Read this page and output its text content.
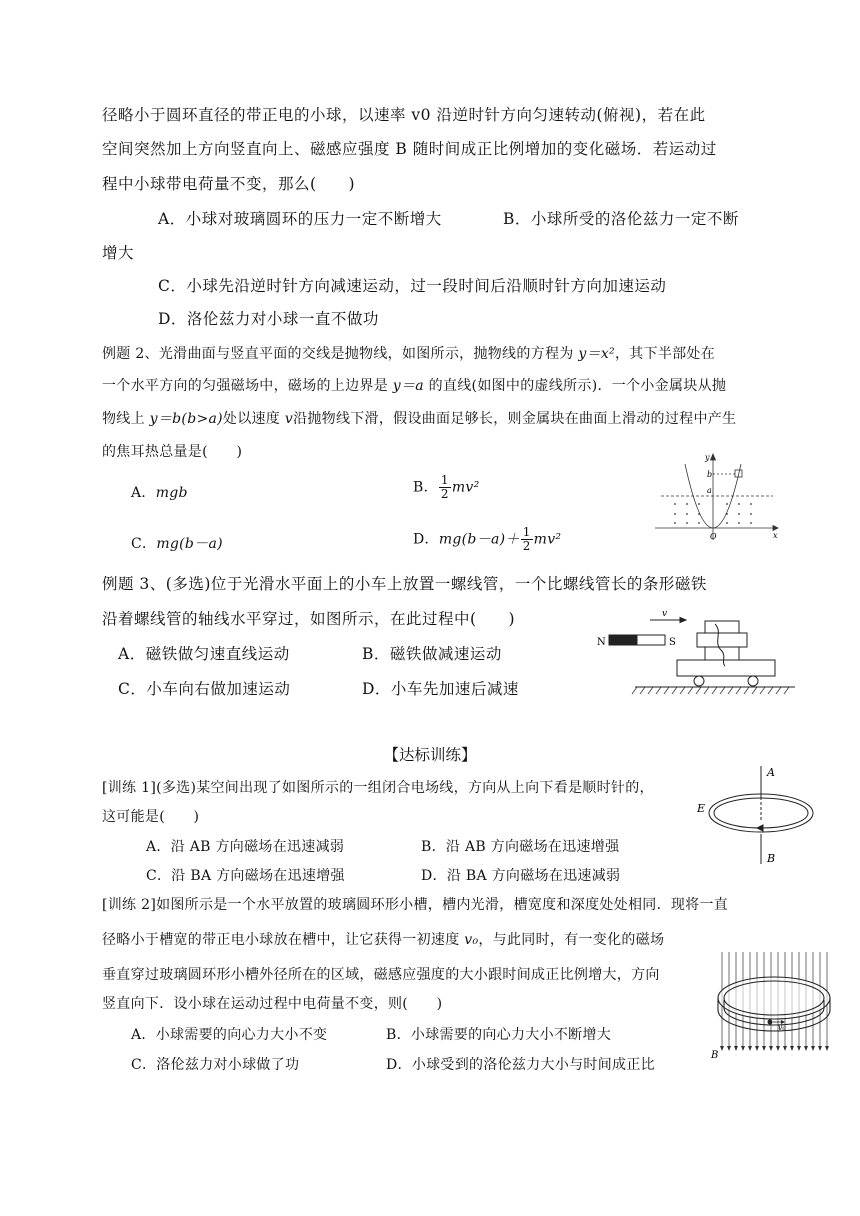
径略小于圆环直径的带正电的小球，以速率 v0 沿逆时针方向匀速转动(俯视)，若在此
空间突然加上方向竖直向上、磁感应强度 B 随时间成正比例增加的变化磁场．若运动过
程中小球带电荷量不变，那么(　　)
A．小球对玻璃圆环的压力一定不断增大	B．小球所受的洛伦兹力一定不断
增大
C．小球先沿逆时针方向减速运动，过一段时间后沿顺时针方向加速运动
D．洛伦兹力对小球一直不做功
例题 2、光滑曲面与竖直平面的交线是抛物线，如图所示，抛物线的方程为 y＝x²，其下半部处在
一个水平方向的匀强磁场中，磁场的上边界是 y＝a 的直线(如图中的虚线所示)．一个小金属块从抛
物线上 y＝b(b>a)处以速度 v沿抛物线下滑，假设曲面足够长，则金属块在曲面上滑动的过程中产生
的焦耳热总量是(　　)
A．mgb	B． $\frac{1}{2} mv^2$
C．mg(b－a)	D．$mg(b-a)+ \frac{1}{2} mv^2$
y
x
O
b
a
例题 3、(多选)位于光滑水平面上的小车上放置一螺线管，一个比螺线管长的条形磁铁
沿着螺线管的轴线水平穿过，如图所示，在此过程中(　　)
A．磁铁做匀速直线运动	B．磁铁做减速运动
C．小车向右做加速运动	D．小车先加速后减速
N	S
v
【达标训练】
[训练 1](多选)某空间出现了如图所示的一组闭合电场线，方向从上向下看是顺时针的，
这可能是(　　)
A．沿 AB 方向磁场在迅速减弱	B．沿 AB 方向磁场在迅速增强
C．沿 BA 方向磁场在迅速增强	D．沿 BA 方向磁场在迅速减弱
A
B
E
[训练 2]如图所示是一个水平放置的玻璃圆环形小槽，槽内光滑，槽宽度和深度处处相同．现将一直
径略小于槽宽的带正电小球放在槽中，让它获得一初速度 v₀，与此同时，有一变化的磁场
垂直穿过玻璃圆环形小槽外径所在的区域，磁感应强度的大小跟时间成正比例增大，方向
竖直向下．设小球在运动过程中电荷量不变，则(　　)
A．小球需要的向心力大小不变	B．小球需要的向心力大小不断增大
C．洛伦兹力对小球做了功	D．小球受到的洛伦兹力大小与时间成正比
v₀
B
